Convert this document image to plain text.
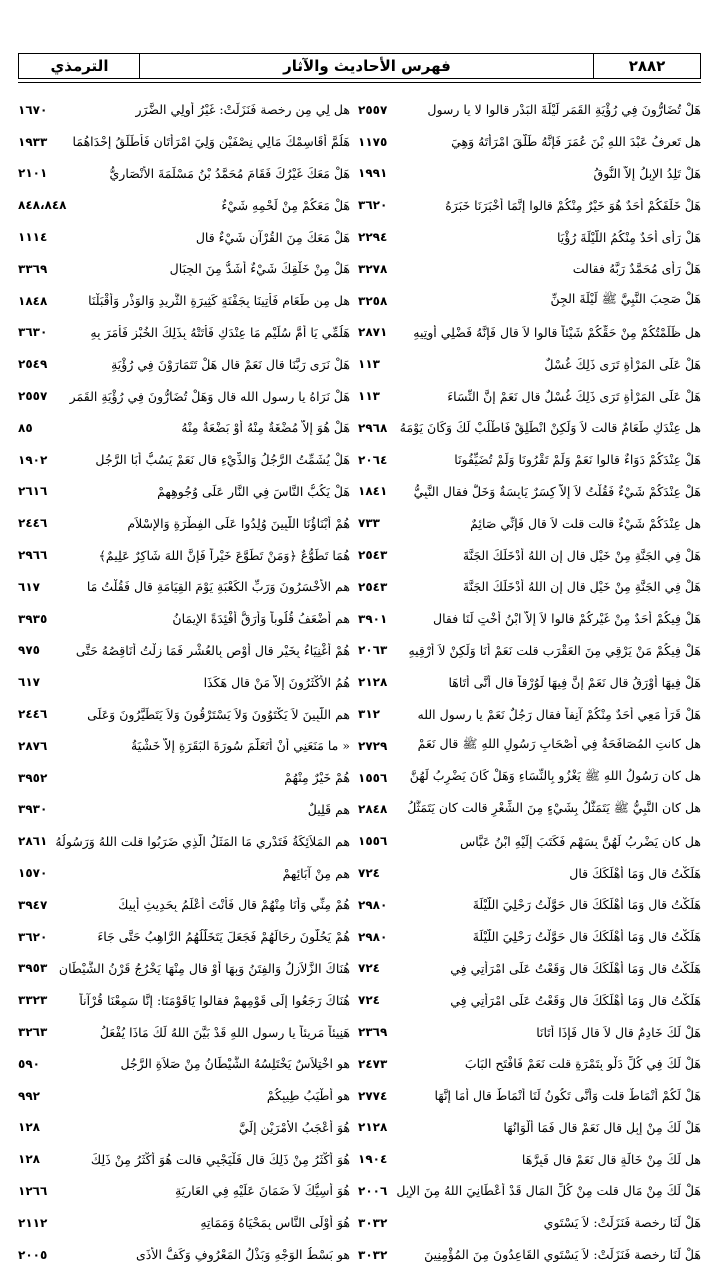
٢٨٨٢
فهرس الأحاديث والآثار
الترمذي
هَلْ تُضَارُّونَ فِي رُؤْيَةِ القَمَرِ لَيْلَةَ البَدْرِ قالوا لا يا رسول
٢٥٥٧
هل تَعرفُ عَبْدَ اللهِ بْنَ عُمَرَ فَإِنَّهُ طَلَّقَ امْرَأَتَهُ وَهِيَ
١١٧٥
هَلْ تَلِدُ الإِبِلُ إِلاَّ النُّوقُ
١٩٩١
هَلْ خَلَفَكُمْ أَحَدٌ هُوَ خَيْرٌ مِنْكُمْ قالوا إِنَّمَا أَخْبَرَنَا خَبَرَهُ
٣٦٢٠
هَلْ رَأَى أَحَدٌ مِنْكُمُ اللَّيْلَةَ رُؤْيَا
٢٢٩٤
هَلْ رَأَى مُحَمَّدٌ رَبَّهُ فقالت
٣٢٧٨
هَلْ صَحِبَ النَّبِيَّ ﷺ لَيْلَةَ الجِنِّ
٣٢٥٨
هل ظَلَمْتُكُمْ مِنْ حَقِّكُمْ شَيْئاً قالوا لاَ قال فَإِنَّهُ فَضْلِي أُوتِيهِ
٢٨٧١
هَلْ عَلَى المَرْأَةِ تَرَى ذَلِكَ غُسْلٌ
١١٣
هَلْ عَلَى المَرْأَةِ تَرَى ذَلِكَ غُسْلٌ قال نَعَمْ إِنَّ النِّسَاءَ
١١٣
هل عِنْدَكِ طَعَامٌ قالت لاَ وَلَكِنْ انْطَلِقْ فَاطْلُبْ لَكَ وَكَانَ يَوْمَهُ
٢٩٦٨
هَلْ عِنْدَكُمْ دَوَاءٌ قالوا نَعَمْ وَلَمْ تَقْرُونَا وَلَمْ تُضَيِّفُونَا
٢٠٦٤
هَلْ عِنْدَكُمْ شَيْءٌ فَقُلْتُ لاَ إِلاَّ كِسَرٌ يَابِسَةٌ وَخَلٌّ فقال النَّبِيُّ
١٨٤١
هل عِنْدَكُمْ شَيْءٌ قالت قلت لاَ قال فَإِنِّي صَائِمٌ
٧٣٣
هَلْ فِي الجَنَّةِ مِنْ خَيْلٍ قال إِنِ اللهُ أَدْخَلَكَ الجَنَّةَ
٢٥٤٣
هَلْ فِي الجَنَّةِ مِنْ خَيْلٍ قال إِنِ اللهُ أَدْخَلَكَ الجَنَّةَ
٢٥٤٣
هَلْ فِيكُمْ أَحَدٌ مِنْ غَيْرِكُمْ قالوا لاَ إِلاَّ ابْنُ أُخْتٍ لَنَا فقال
٣٩٠١
هَلْ فِيكُمْ مَنْ يَرْقِي مِنَ العَقْرَبِ قلت نَعَمْ أَنَا وَلَكِنْ لاَ أَرْقِيهِ
٢٠٦٣
هَلْ فِيهَا أَوْرَقُ قال نَعَمْ إِنَّ فِيهَا لَوُرْقاً قال أَنَّى أَتَاهَا
٢١٢٨
هَلْ قَرَأَ مَعِي أَحَدٌ مِنْكُمْ آنِفاً فقال رَجُلٌ نَعَمْ يا رسول الله
٣١٢
هل كانتِ المُصَافَحَةُ فِي أَصْحَابِ رَسُولِ اللهِ ﷺ قال نَعَمْ
٢٧٢٩
هل كان رَسُولُ اللهِ ﷺ يَغْزُو بِالنِّسَاءِ وَهَلْ كَانَ يَضْرِبُ لَهُنَّ
١٥٥٦
هل كان النَّبِيُّ ﷺ يَتَمَثَّلُ بِشَيْءٍ مِنَ الشِّعْرِ قالت كان يَتَمَثَّلُ
٢٨٤٨
هل كان يَضْرِبُ لَهُنَّ بِسَهْمٍ فَكَتَبَ إِلَيْهِ ابْنُ عَبَّاسٍ
١٥٥٦
هَلَكْتُ قال وَمَا أَهْلَكَكَ قال
٧٢٤
هَلَكْتُ قال وَمَا أَهْلَكَكَ قال حَوَّلْتُ رَحْلِيَ اللَّيْلَةَ
٢٩٨٠
هَلَكْتُ قال وَمَا أَهْلَكَكَ قال حَوَّلْتُ رَحْلِيَ اللَّيْلَةَ
٢٩٨٠
هَلَكْتُ قال وَمَا أَهْلَكَكَ قال وَقَعْتُ عَلَى امْرَأَتِي فِي
٧٢٤
هَلَكْتُ قال وَمَا أَهْلَكَكَ قال وَقَعْتُ عَلَى امْرَأَتِي فِي
٧٢٤
هَلْ لَكَ خَادِمٌ قال لاَ قال فَإِذَا أَتَانَا
٢٣٦٩
هَلْ لَكَ فِي كُلِّ دَلْوٍ بِتَمْرَةٍ قلت نَعَمْ فَافْتَحِ البَابَ
٢٤٧٣
هَلْ لَكُمْ أَنْمَاطٌ قلت وَأَنَّى تَكُونُ لَنَا أَنْمَاطٌ قال أَمَا إِنَّهَا
٢٧٧٤
هَلْ لَكَ مِنْ إِبِلٍ قال نَعَمْ قال فَمَا أَلْوَانُهَا
٢١٢٨
هل لَكَ مِنْ خَالَةٍ قال نَعَمْ قال فَبِرَّهَا
١٩٠٤
هَلْ لَكَ مِنْ مَالٍ قلت مِنْ كُلِّ المَالِ قَدْ أَعْطَانِيَ اللهُ مِنَ الإِبِلِ
٢٠٠٦
هَلْ لَنَا رخصة فَنَزَلَتْ: لاَ يَسْتَوِي
٣٠٣٢
هَلْ لَنَا رخصة فَنَزَلَتْ: لاَ يَسْتَوِي القَاعِدُونَ مِنَ المُؤْمِنِينَ
٣٠٣٢
هل لِي مِن رخصة فَنَزَلَتْ: غَيْرُ أُولِي الضَّرَرِ
١٦٧٠
هَلُمَّ أُقَاسِمْكَ مَالِي نِصْفَيْنِ وَلِيَ امْرَأَتَانِ فَأُطَلِّقُ إِحْدَاهُمَا
١٩٣٣
هَلْ مَعَكَ غَيْرُكَ فَقَامَ مُحَمَّدُ بْنُ مَسْلَمَةَ الأَنْصَارِيُّ
٢١٠١
هَلْ مَعَكُمْ مِنْ لَحْمِهِ شَيْءٌ
٨٤٨،٨٤٨
هَلْ مَعَكَ مِنَ القُرْآنِ شَيْءٌ قال
١١١٤
هَلْ مِنْ خَلْقِكَ شَيْءٌ أَشَدُّ مِنَ الجِبَالِ
٣٣٦٩
هل مِن طَعَامٍ فَأُتِينَا بِجَفْنَةٍ كَثِيرَةِ الثَّرِيدِ وَالوَذْرِ وَأَقْبَلْنَا
١٨٤٨
هَلُمِّي يَا أُمَّ سُلَيْمٍ مَا عِنْدَكِ فَأَتَتْهُ بِذَلِكَ الخُبْزِ فَأَمَرَ بِهِ
٣٦٣٠
هَلْ نَرَى رَبَّنَا قال نَعَمْ قال هَلْ تَتَمَارَوْنَ فِي رُؤْيَةِ
٢٥٤٩
هَلْ نَرَاهُ يا رسول الله قال وَهَلْ تُضَارُّونَ فِي رُؤْيَةِ القَمَرِ
٢٥٥٧
هَلْ هُوَ إِلاَّ مُضْغَةٌ مِنْهُ أَوْ بَضْعَةٌ مِنْهُ
٨٥
هَلْ يُشَمِّتُ الرَّجُلُ وَالذِّيْءِ قال نَعَمْ يَسُبُّ أَبَا الرَّجُلِ
١٩٠٢
هَلْ يَكُبُّ النَّاسَ فِي النَّارِ عَلَى وُجُوهِهِمْ
٢٦١٦
هُمْ أَبْنَاؤُنَا اللَّبِينَ وُلِدُوا عَلَى الفِطْرَةِ وَالإِسْلاَمِ
٢٤٤٦
هُمَا تَطَوُّعٌ ﴿وَمَنْ تَطَوَّعَ خَيْراً فَإِنَّ اللهَ شَاكِرٌ عَلِيمٌ﴾
٢٩٦٦
هم الأَخْسَرُونَ وَرَبِّ الكَعْبَةِ يَوْمَ القِيَامَةِ قال فَقُلْتُ مَا
٦١٧
هم أَضْعَفُ قُلُوباً وَأَرَقُّ أَفْئِدَةً الإِيمَانُ
٣٩٣٥
هُمْ أَغْنِيَاءُ بِخَيْرٍ قال أَوْصِ بِالعُشْرِ فَمَا زِلْتُ أُنَاقِصُهُ حَتَّى
٩٧٥
هُمُ الأَكْثَرُونَ إِلاَّ مَنْ قال هَكَذَا
٦١٧
هم اللَّبِينَ لاَ يَكْتَوُونَ وَلاَ يَسْتَرْقُونَ وَلاَ يَتَطَيَّرُونَ وَعَلَى
٢٤٤٦
« ما مَنَعَنِي أَنْ أَتَعَلَّمَ سُورَةَ البَقَرَةِ إِلاَّ خَشْيَةُ
٢٨٧٦
هُمْ خَيْرٌ مِنْهُمْ
٣٩٥٢
هم قَلِيلٌ
٣٩٣٠
هم المَلاَئِكَةُ فَتَدْرِي مَا المَثَلُ الَّذِي ضَرَبُوا قلت اللهُ وَرَسُولُهُ
٢٨٦١
هم مِنْ آبَائِهِمْ
١٥٧٠
هُمْ مِنِّي وَأَنَا مِنْهُمْ قال فَأَنْتَ أَعْلَمُ بِحَدِيثِ أَبِيكَ
٣٩٤٧
هُمْ يَحُلُّونَ رِحَالَهُمْ فَجَعَلَ يَتَخَلَّلُهُمُ الرَّاهِبُ حَتَّى جَاءَ
٣٦٢٠
هُنَاكَ الزَّلاَزِلُ وَالفِتَنُ وَبِهَا أَوْ قال مِنْهَا يَخْرُجُ قَرْنُ الشَّيْطَانِ
٣٩٥٣
هُنَاكَ رَجَعُوا إِلَى قَوْمِهِمْ فقالوا يَاقَوْمَنَا: إِنَّا سَمِعْنَا قُرْآناً
٣٣٢٣
هَنِيئاً مَرِيئاً يا رسول اللهِ قَدْ بَيَّنَ اللهُ لَكَ مَاذَا يُفْعَلُ
٣٢٦٣
هو اخْتِلاَسٌ يَخْتَلِسُهُ الشَّيْطَانُ مِنْ صَلاَةِ الرَّجُلِ
٥٩٠
هو أَطْيَبُ طِيبِكُمْ
٩٩٢
هُوَ أَعْجَبُ الأَمْرَيْنِ إِلَيَّ
١٢٨
هُوَ أَكْثَرُ مِنْ ذَلِكَ قال فَلْيَجْبِي قالت هُوَ أَكْثَرُ مِنْ ذَلِكَ
١٢٨
هُوَ أَسِيُّكَ لاَ ضَمَانَ عَلَيْهِ فِي العَارِيَةِ
١٢٦٦
هُوَ أَوْلَى النَّاسِ بِمَحْيَاهُ وَمَمَاتِهِ
٢١١٢
هو بَسْطُ الوَجْهِ وَبَذْلُ المَعْرُوفِ وَكَفُّ الأَذَى
٢٠٠٥
